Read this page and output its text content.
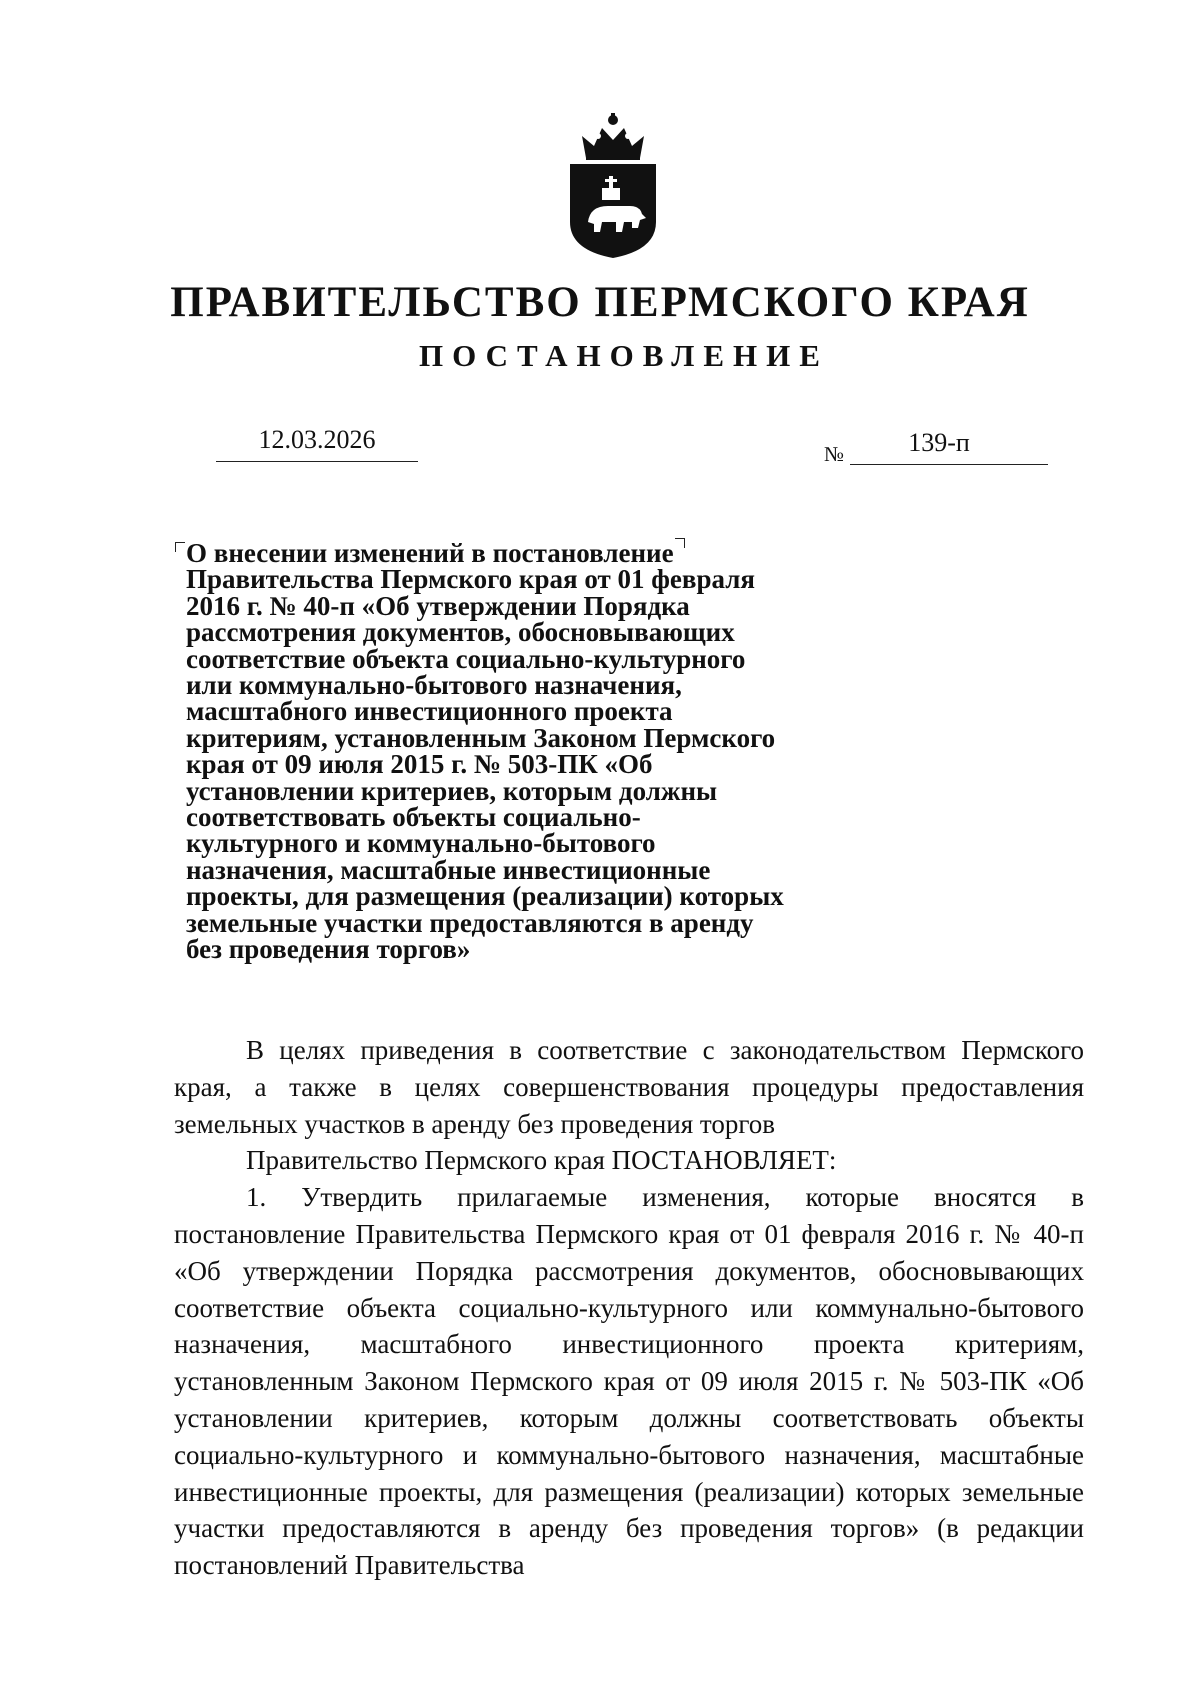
ПРАВИТЕЛЬСТВО ПЕРМСКОГО КРАЯ
ПОСТАНОВЛЕНИЕ
12.03.2026	№	139-п
О внесении изменений в постановление Правительства Пермского края от 01 февраля 2016 г. № 40-п «Об утверждении Порядка рассмотрения документов, обосновывающих соответствие объекта социально-культурного или коммунально-бытового назначения, масштабного инвестиционного проекта критериям, установленным Законом Пермского края от 09 июля 2015 г. № 503-ПК «Об установлении критериев, которым должны соответствовать объекты социально-культурного и коммунально-бытового назначения, масштабные инвестиционные проекты, для размещения (реализации) которых земельные участки предоставляются в аренду без проведения торгов»

В целях приведения в соответствие с законодательством Пермского края, а также в целях совершенствования процедуры предоставления земельных участков в аренду без проведения торгов

Правительство Пермского края ПОСТАНОВЛЯЕТ:

1. Утвердить прилагаемые изменения, которые вносятся в постановление Правительства Пермского края от 01 февраля 2016 г. № 40-п «Об утверждении Порядка рассмотрения документов, обосновывающих соответствие объекта социально-культурного или коммунально-бытового назначения, масштабного инвестиционного проекта критериям, установленным Законом Пермского края от 09 июля 2015 г. № 503-ПК «Об установлении критериев, которым должны соответствовать объекты социально-культурного и коммунально-бытового назначения, масштабные инвестиционные проекты, для размещения (реализации) которых земельные участки предоставляются в аренду без проведения торгов» (в редакции постановлений Правительства
